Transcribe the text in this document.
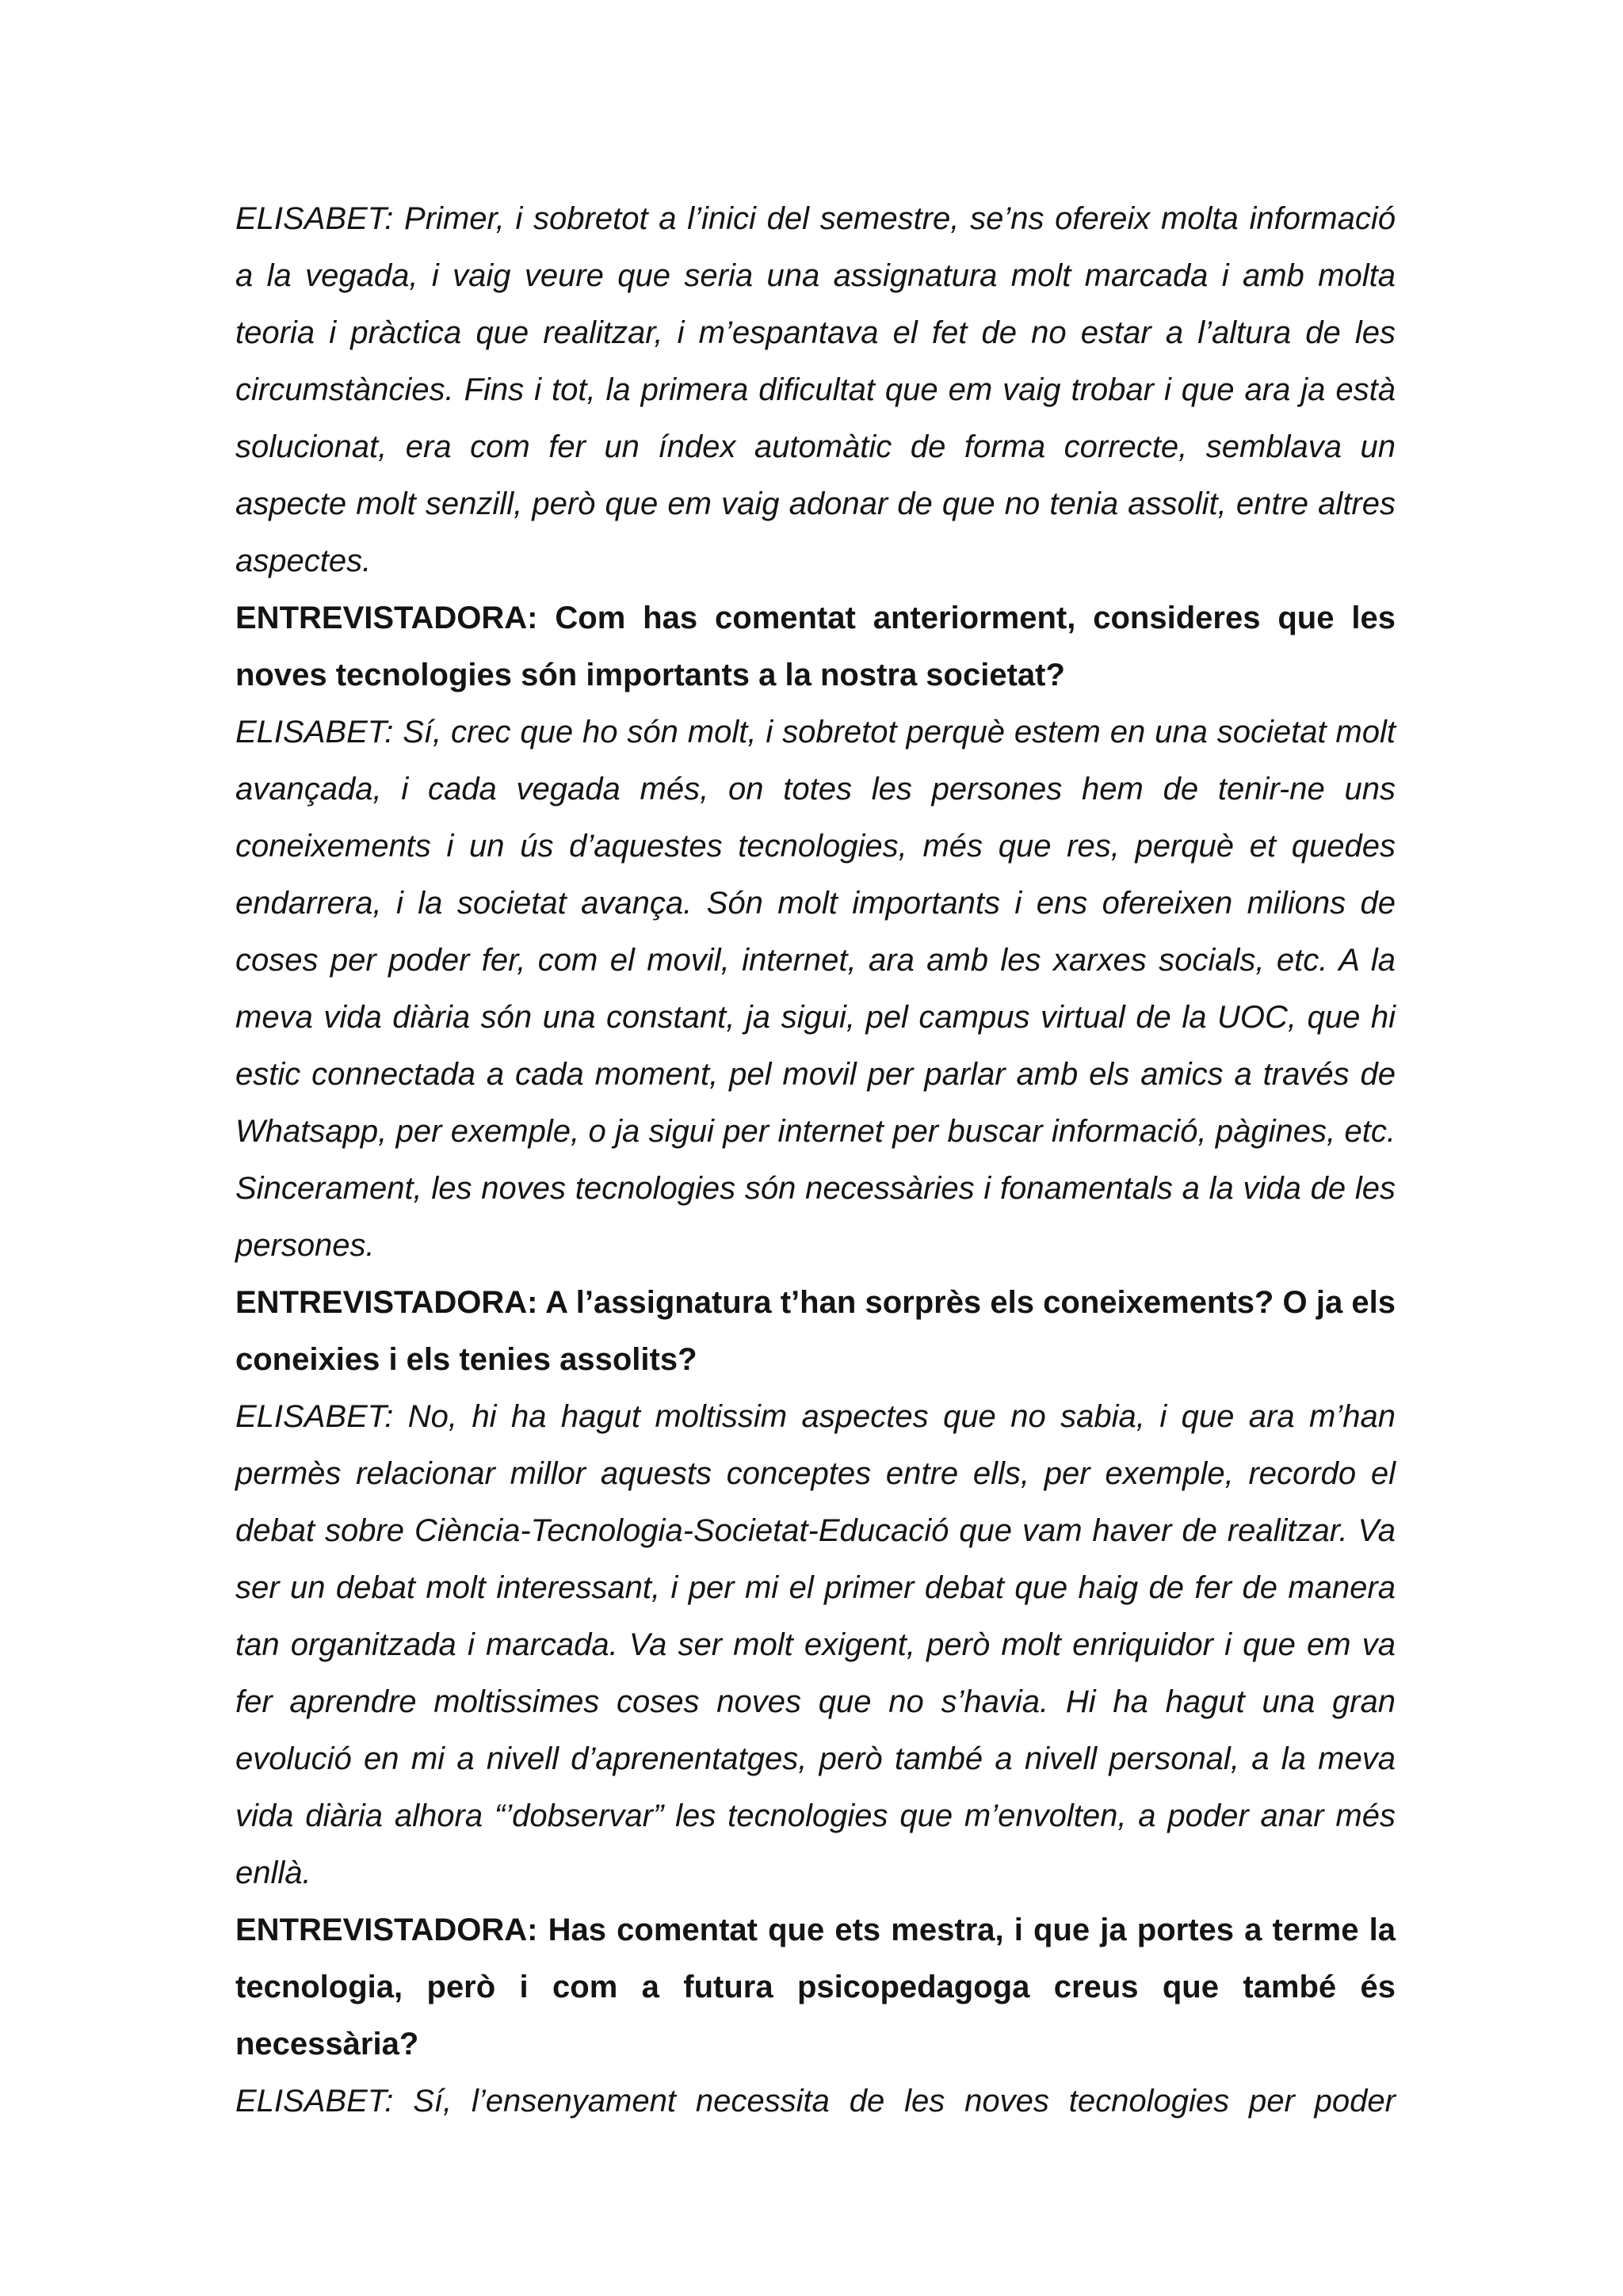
ELISABET: Primer, i sobretot a l’inici del semestre, se’ns ofereix molta informació a la vegada, i vaig veure que seria una assignatura molt marcada i amb molta teoria i pràctica que realitzar, i m’espantava el fet de no estar a l’altura de les circumstàncies. Fins i tot, la primera dificultat que em vaig trobar i que ara ja està solucionat, era com fer un índex automàtic de forma correcte, semblava un aspecte molt senzill, però que em vaig adonar de que no tenia assolit, entre altres aspectes.

ENTREVISTADORA: Com has comentat anteriorment, consideres que les noves tecnologies són importants a la nostra societat?

ELISABET: Sí, crec que ho són molt, i sobretot perquè estem en una societat molt avançada, i cada vegada més, on totes les persones hem de tenir-ne uns coneixements i un ús d’aquestes tecnologies, més que res, perquè et quedes endarrera, i la societat avança. Són molt importants i ens ofereixen milions de coses per poder fer, com el movil, internet, ara amb les xarxes socials, etc. A la meva vida diària són una constant, ja sigui, pel campus virtual de la UOC, que hi estic connectada a cada moment, pel movil per parlar amb els amics a través de Whatsapp, per exemple, o ja sigui per internet per buscar informació, pàgines, etc. Sincerament, les noves tecnologies són necessàries i fonamentals a la vida de les persones.

ENTREVISTADORA: A l’assignatura t’han sorprès els coneixements? O ja els coneixies i els tenies assolits?

ELISABET: No, hi ha hagut moltissim aspectes que no sabia, i que ara m’han permès relacionar millor aquests conceptes entre ells, per exemple, recordo el debat sobre Ciència-Tecnologia-Societat-Educació que vam haver de realitzar. Va ser un debat molt interessant, i per mi el primer debat que haig de fer de manera tan organitzada i marcada. Va ser molt exigent, però molt enriquidor i que em va fer aprendre moltissimes coses noves que no s’havia. Hi ha hagut una gran evolució en mi a nivell d’aprenentatges, però també a nivell personal, a la meva vida diària alhora “’dobservar” les tecnologies que m’envolten, a poder anar més enllà.

ENTREVISTADORA: Has comentat que ets mestra, i que ja portes a terme la tecnologia, però i com a futura psicopedagoga creus que també és necessària?

ELISABET: Sí, l’ensenyament necessita de les noves tecnologies per poder
